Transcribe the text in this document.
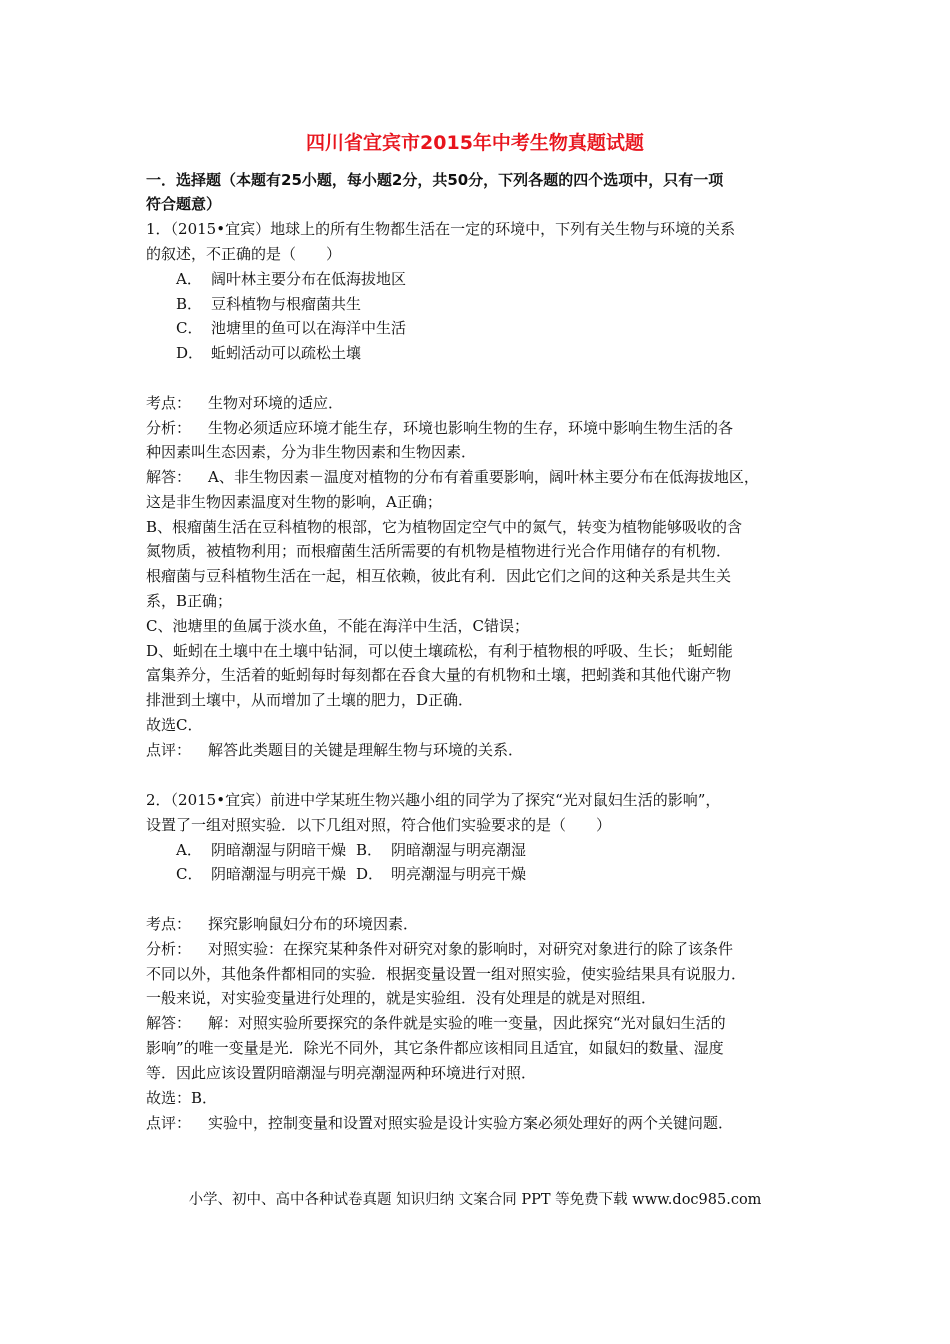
四川省宜宾市2015年中考生物真题试题
一．选择题（本题有25小题，每小题2分，共50分，下列各题的四个选项中，只有一项
符合题意）
1．（2015•宜宾）地球上的所有生物都生活在一定的环境中，下列有关生物与环境的关系
的叙述，不正确的是（　　）
A． 阔叶林主要分布在低海拔地区
B． 豆科植物与根瘤菌共生
C． 池塘里的鱼可以在海洋中生活
D． 蚯蚓活动可以疏松土壤
考点： 生物对环境的适应．
分析： 生物必须适应环境才能生存，环境也影响生物的生存，环境中影响生物生活的各
种因素叫生态因素，分为非生物因素和生物因素．
解答： A、非生物因素－温度对植物的分布有着重要影响，阔叶林主要分布在低海拔地区，
这是非生物因素温度对生物的影响，A正确；
B、根瘤菌生活在豆科植物的根部，它为植物固定空气中的氮气，转变为植物能够吸收的含
氮物质，被植物利用；而根瘤菌生活所需要的有机物是植物进行光合作用储存的有机物．
根瘤菌与豆科植物生活在一起，相互依赖，彼此有利．因此它们之间的这种关系是共生关
系，B正确；
C、池塘里的鱼属于淡水鱼，不能在海洋中生活，C错误；
D、蚯蚓在土壤中在土壤中钻洞，可以使土壤疏松，有利于植物根的呼吸、生长； 蚯蚓能
富集养分，生活着的蚯蚓每时每刻都在吞食大量的有机物和土壤，把蚓粪和其他代谢产物
排泄到土壤中，从而增加了土壤的肥力，D正确．
故选C．
点评： 解答此类题目的关键是理解生物与环境的关系．
2．（2015•宜宾）前进中学某班生物兴趣小组的同学为了探究“光对鼠妇生活的影响”，
设置了一组对照实验．以下几组对照，符合他们实验要求的是（　　）
A． 阴暗潮湿与阴暗干燥 B． 阴暗潮湿与明亮潮湿
C． 阴暗潮湿与明亮干燥 D． 明亮潮湿与明亮干燥
考点： 探究影响鼠妇分布的环境因素．
分析： 对照实验：在探究某种条件对研究对象的影响时，对研究对象进行的除了该条件
不同以外，其他条件都相同的实验．根据变量设置一组对照实验，使实验结果具有说服力．
一般来说，对实验变量进行处理的，就是实验组．没有处理是的就是对照组．
解答： 解：对照实验所要探究的条件就是实验的唯一变量，因此探究“光对鼠妇生活的
影响”的唯一变量是光．除光不同外，其它条件都应该相同且适宜，如鼠妇的数量、湿度
等．因此应该设置阴暗潮湿与明亮潮湿两种环境进行对照．
故选：B．
点评： 实验中，控制变量和设置对照实验是设计实验方案必须处理好的两个关键问题．
小学、初中、高中各种试卷真题 知识归纳 文案合同 PPT 等免费下载 www.doc985.com
